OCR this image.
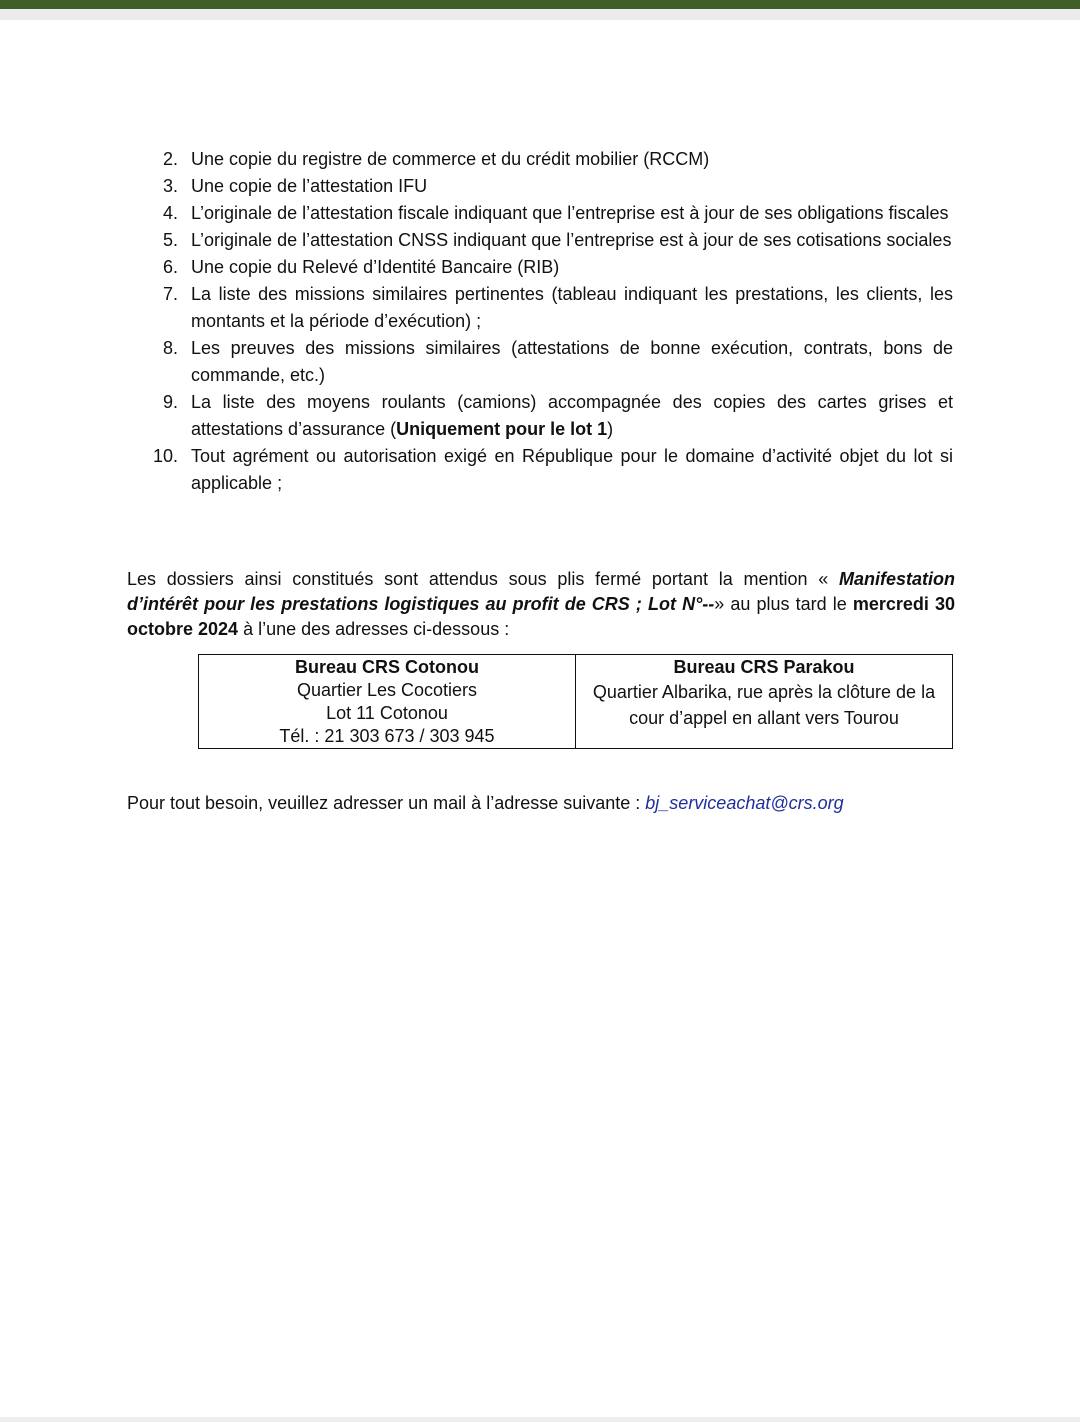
2. Une copie du registre de commerce et du crédit mobilier (RCCM)
3. Une copie de l’attestation IFU
4. L’originale de l’attestation fiscale indiquant que l’entreprise est à jour de ses obligations fiscales
5. L’originale de l’attestation CNSS indiquant que l’entreprise est à jour de ses cotisations sociales
6. Une copie du Relevé d’Identité Bancaire (RIB)
7. La liste des missions similaires pertinentes (tableau indiquant les prestations, les clients, les montants et la période d’exécution) ;
8. Les preuves des missions similaires (attestations de bonne exécution, contrats, bons de commande, etc.)
9. La liste des moyens roulants (camions) accompagnée des copies des cartes grises et attestations d’assurance (Uniquement pour le lot 1)
10. Tout agrément ou autorisation exigé en République pour le domaine d’activité objet du lot si applicable ;

Les dossiers ainsi constitués sont attendus sous plis fermé portant la mention « Manifestation d’intérêt pour les prestations logistiques au profit de CRS ; Lot N°--» au plus tard le mercredi 30 octobre 2024 à l’une des adresses ci-dessous :

Bureau CRS Cotonou
Quartier Les Cocotiers
Lot 11 Cotonou
Tél. : 21 303 673 / 303 945

Bureau CRS Parakou
Quartier Albarika, rue après la clôture de la cour d’appel en allant vers Tourou

Pour tout besoin, veuillez adresser un mail à l’adresse suivante : bj_serviceachat@crs.org
